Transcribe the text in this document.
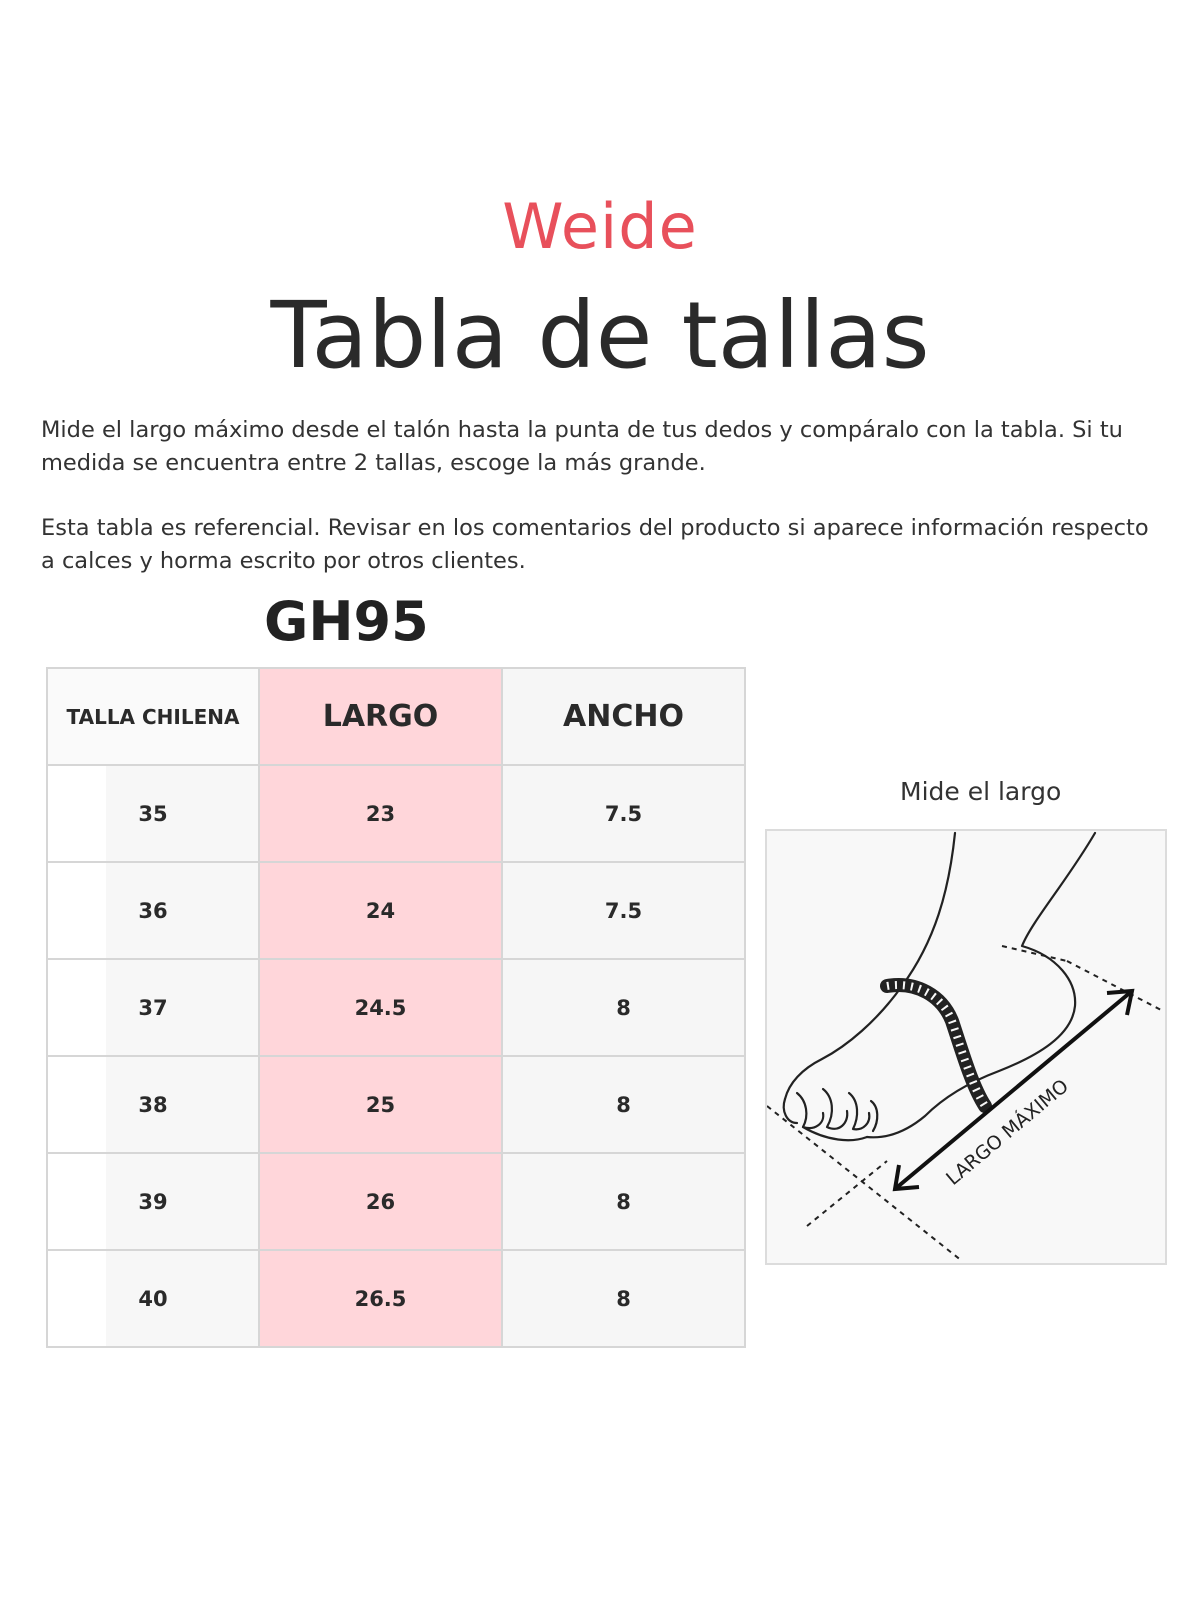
Weide
Tabla de tallas
Mide el largo máximo desde el talón hasta la punta de tus dedos y compáralo con la tabla. Si tu medida se encuentra entre 2 tallas, escoge la más grande.
Esta tabla es referencial. Revisar en los comentarios del producto si aparece información respecto a calces y horma escrito por otros clientes.
GH95
TALLA CHILENA	LARGO	ANCHO
35	23	7.5
36	24	7.5
37	24.5	8
38	25	8
39	26	8
40	26.5	8
Mide el largo
LARGO MÁXIMO
